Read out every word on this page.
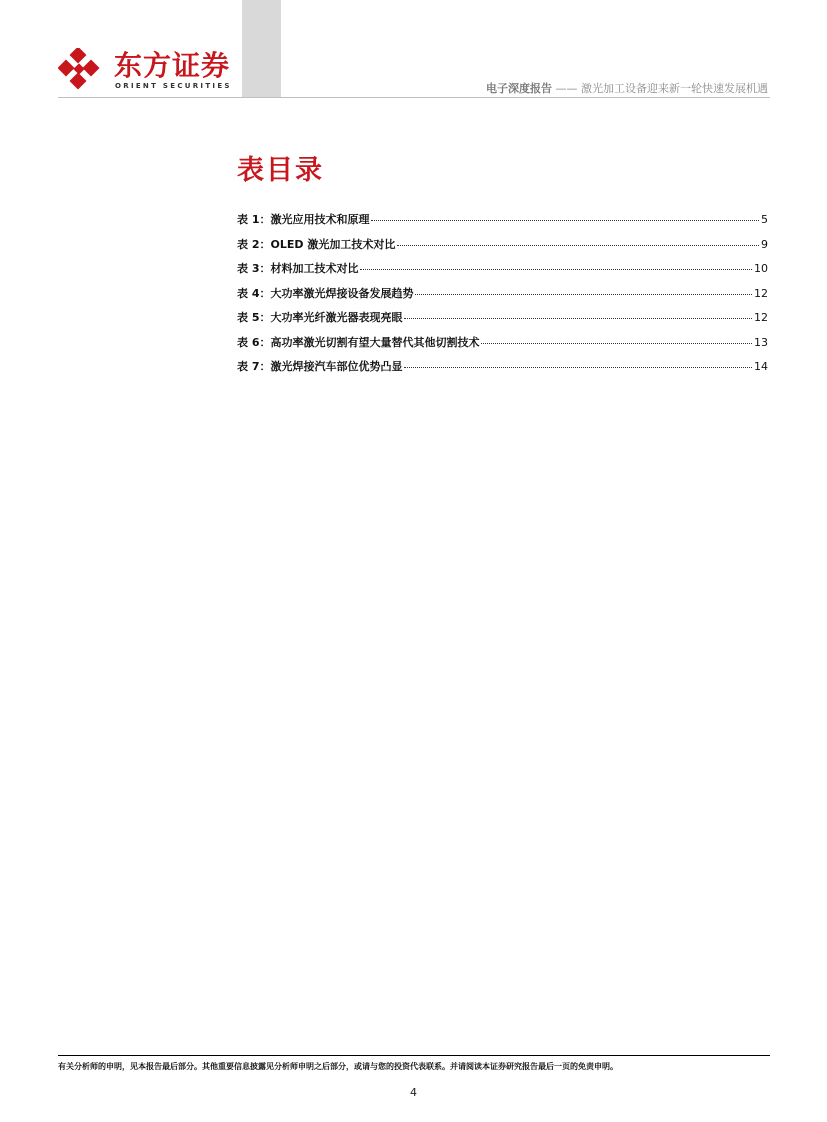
东方证券
ORIENT SECURITIES	电子深度报告 —— 激光加工设备迎来新一轮快速发展机遇
表目录
表 1：激光应用技术和原理	5
表 2：OLED 激光加工技术对比	9
表 3：材料加工技术对比	10
表 4：大功率激光焊接设备发展趋势	12
表 5：大功率光纤激光器表现亮眼	12
表 6：高功率激光切割有望大量替代其他切割技术	13
表 7：激光焊接汽车部位优势凸显	14
有关分析师的申明，见本报告最后部分。其他重要信息披露见分析师申明之后部分，或请与您的投资代表联系。并请阅读本证券研究报告最后一页的免责申明。
4
